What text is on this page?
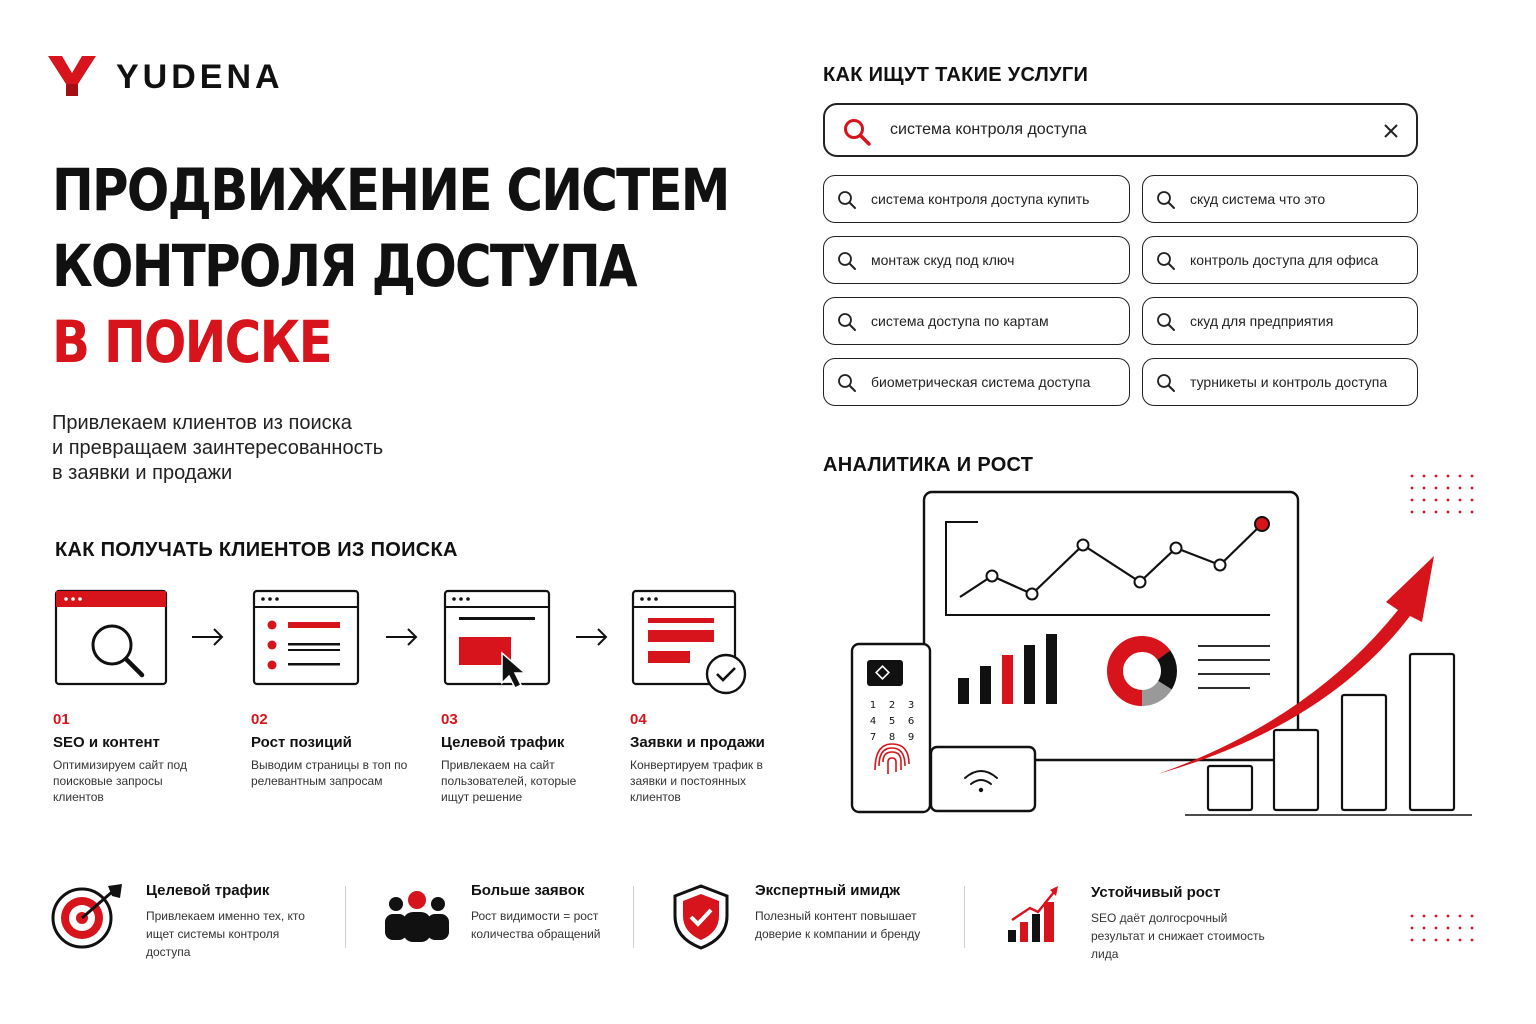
YUDENA
ПРОДВИЖЕНИЕ СИСТЕМ
КОНТРОЛЯ ДОСТУПА
В ПОИСКЕ
Привлекаем клиентов из поиска
и превращаем заинтересованность
в заявки и продажи
КАК ИЩУТ ТАКИЕ УСЛУГИ
система контроля доступа
система контроля доступа купить	скуд система что это
монтаж скуд под ключ	контроль доступа для офиса
система доступа по картам	скуд для предприятия
биометрическая система доступа	турникеты и контроль доступа
АНАЛИТИКА И РОСТ
1 2 3
4 5 6
7 8 9
КАК ПОЛУЧАТЬ КЛИЕНТОВ ИЗ ПОИСКА
01
SEO и контент
Оптимизируем сайт под поисковые запросы клиентов
02
Рост позиций
Выводим страницы в топ по релевантным запросам
03
Целевой трафик
Привлекаем на сайт пользователей, которые ищут решение
04
Заявки и продажи
Конвертируем трафик в заявки и постоянных клиентов
Целевой трафик
Привлекаем именно тех, кто ищет системы контроля доступа
Больше заявок
Рост видимости = рост количества обращений
Экспертный имидж
Полезный контент повышает доверие к компании и бренду
Устойчивый рост
SEO даёт долгосрочный результат и снижает стоимость лида
